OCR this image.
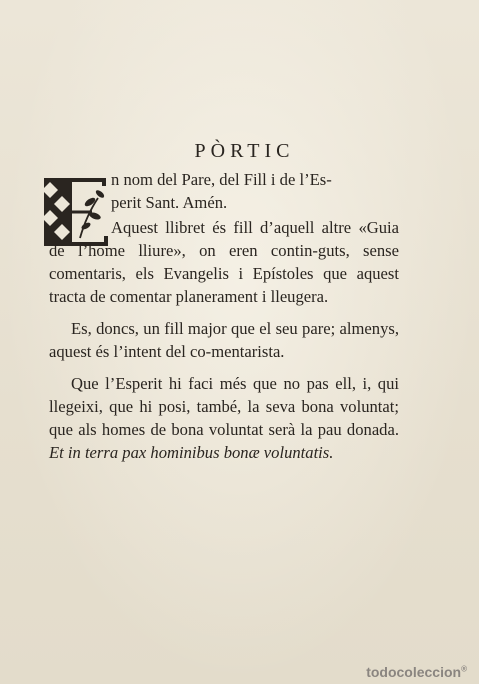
PÒRTIC
n nom del Pare, del Fill i de l’Es-
perit Sant. Amén.
Aquest llibret és fill d’aquell altre «Guia de l’home lliure», on eren contin-guts, sense comentaris, els Evangelis i Epístoles que aquest tracta de comentar planerament i lleugera.
Es, doncs, un fill major que el seu pare; almenys, aquest és l’intent del co-mentarista.
Que l’Esperit hi faci més que no pas ell, i, qui llegeixi, que hi posi, també, la seva bona voluntat; que als homes de bona voluntat serà la pau donada. Et in terra pax hominibus bonæ voluntatis.
todocoleccion®
